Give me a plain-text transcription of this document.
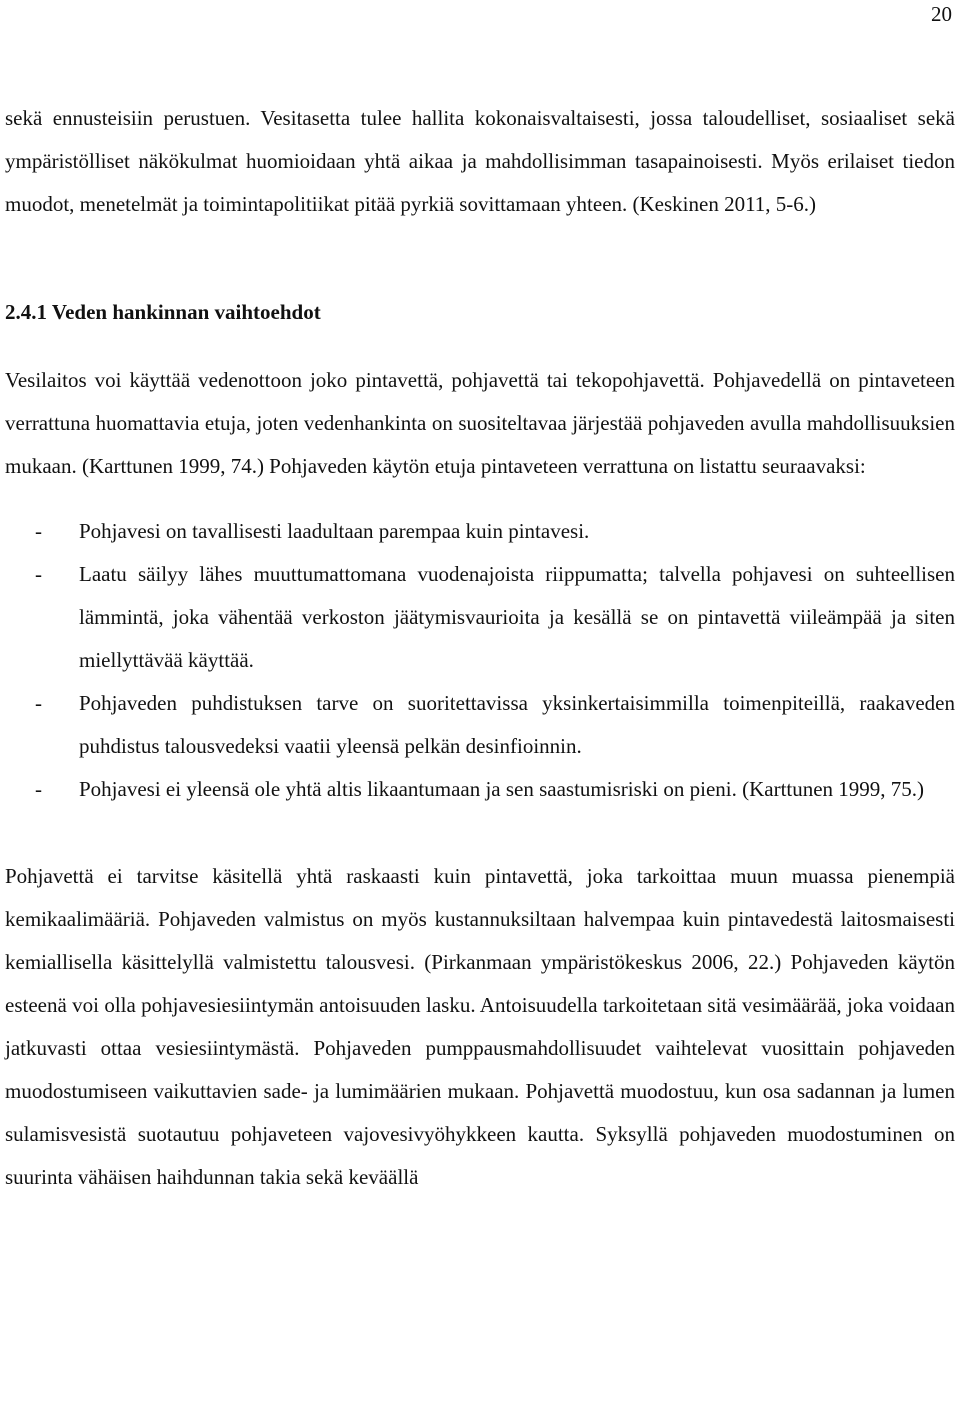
20

sekä ennusteisiin perustuen. Vesitasetta tulee hallita kokonaisvaltaisesti, jossa taloudelliset, sosiaaliset sekä ympäristölliset näkökulmat huomioidaan yhtä aikaa ja mahdollisimman tasapainoisesti. Myös erilaiset tiedon muodot, menetelmät ja toimintapolitiikat pitää pyrkiä sovittamaan yhteen. (Keskinen 2011, 5-6.)

2.4.1 Veden hankinnan vaihtoehdot

Vesilaitos voi käyttää vedenottoon joko pintavettä, pohjavettä tai tekopohjavettä. Pohjavedellä on pintaveteen verrattuna huomattavia etuja, joten vedenhankinta on suositeltavaa järjestää pohjaveden avulla mahdollisuuksien mukaan. (Karttunen 1999, 74.) Pohjaveden käytön etuja pintaveteen verrattuna on listattu seuraavaksi:

- Pohjavesi on tavallisesti laadultaan parempaa kuin pintavesi.
- Laatu säilyy lähes muuttumattomana vuodenajoista riippumatta; talvella pohjavesi on suhteellisen lämmintä, joka vähentää verkoston jäätymisvaurioita ja kesällä se on pintavettä viileämpää ja siten miellyttävää käyttää.
- Pohjaveden puhdistuksen tarve on suoritettavissa yksinkertaisimmilla toimenpiteillä, raakaveden puhdistus talousvedeksi vaatii yleensä pelkän desinfioinnin.
- Pohjavesi ei yleensä ole yhtä altis likaantumaan ja sen saastumisriski on pieni. (Karttunen 1999, 75.)

Pohjavettä ei tarvitse käsitellä yhtä raskaasti kuin pintavettä, joka tarkoittaa muun muassa pienempiä kemikaalimääriä. Pohjaveden valmistus on myös kustannuksiltaan halvempaa kuin pintavedestä laitosmaisesti kemiallisella käsittelyllä valmistettu talousvesi. (Pirkanmaan ympäristökeskus 2006, 22.) Pohjaveden käytön esteenä voi olla pohjavesiesiintymän antoisuuden lasku. Antoisuudella tarkoitetaan sitä vesimäärää, joka voidaan jatkuvasti ottaa vesiesiintymästä. Pohjaveden pumppausmahdollisuudet vaihtelevat vuosittain pohjaveden muodostumiseen vaikuttavien sade- ja lumimäärien mukaan. Pohjavettä muodostuu, kun osa sadannan ja lumen sulamisvesistä suotautuu pohjaveteen vajovesivyöhykkeen kautta. Syksyllä pohjaveden muodostuminen on suurinta vähäisen haihdunnan takia sekä keväällä
